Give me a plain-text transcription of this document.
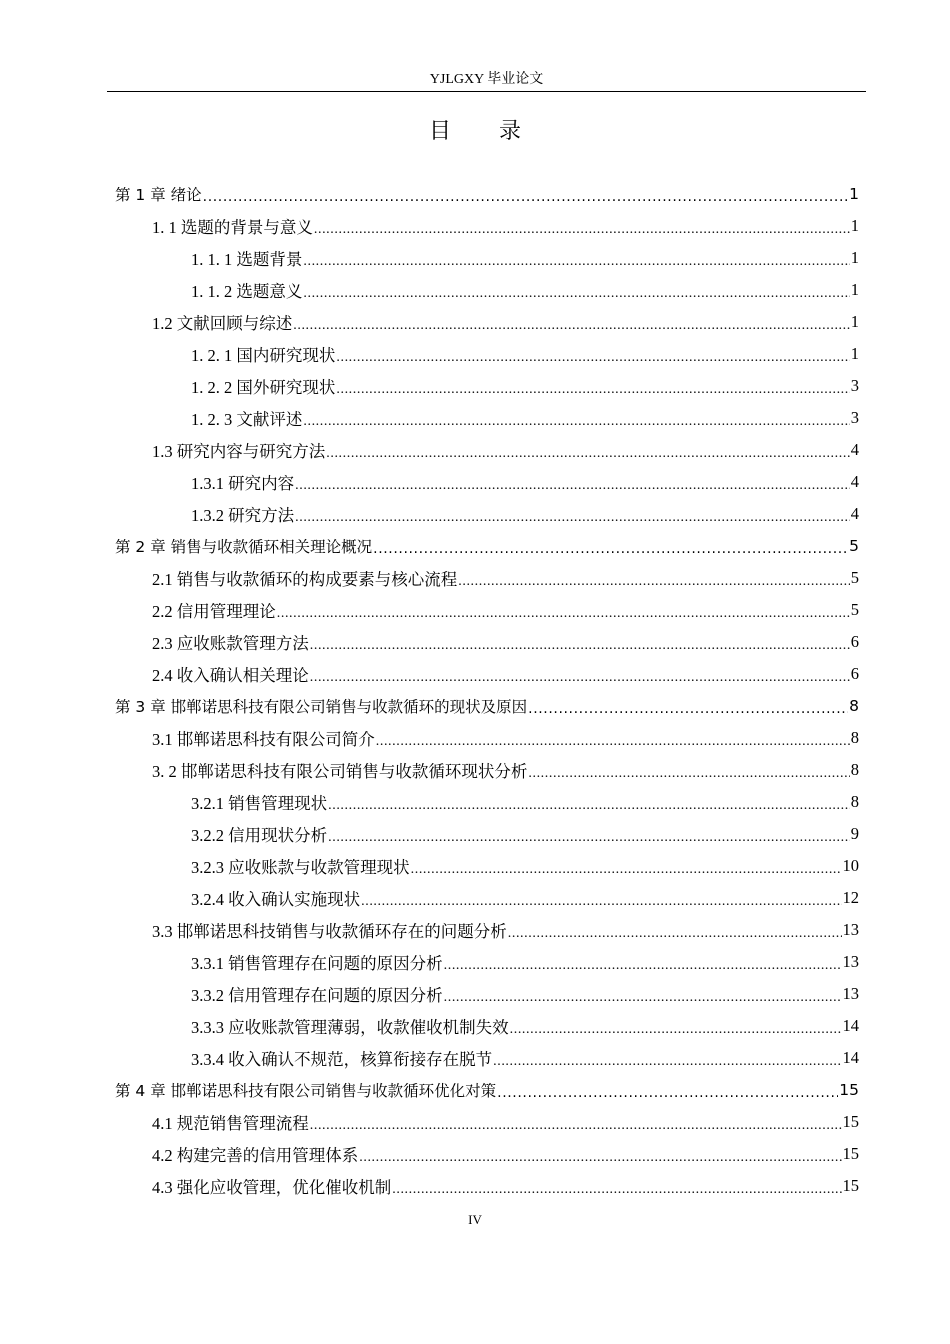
YJLGXY 毕业论文
目录
第 1 章 绪论 .....	1
1. 1 选题的背景与意义 .....	1
1. 1. 1 选题背景 .....	1
1. 1. 2 选题意义 .....	1
1.2 文献回顾与综述 .....	1
1. 2. 1 国内研究现状 .....	1
1. 2. 2 国外研究现状 .....	3
1. 2. 3 文献评述 .....	3
1.3 研究内容与研究方法 .....	4
1.3.1 研究内容 .....	4
1.3.2 研究方法 .....	4
第 2 章 销售与收款循环相关理论概况 .....	5
2.1 销售与收款循环的构成要素与核心流程 .....	5
2.2 信用管理理论 .....	5
2.3 应收账款管理方法 .....	6
2.4 收入确认相关理论 .....	6
第 3 章 邯郸诺思科技有限公司销售与收款循环的现状及原因 .....	8
3.1 邯郸诺思科技有限公司简介 .....	8
3. 2 邯郸诺思科技有限公司销售与收款循环现状分析 .....	8
3.2.1 销售管理现状 .....	8
3.2.2 信用现状分析 .....	9
3.2.3 应收账款与收款管理现状 .....	10
3.2.4 收入确认实施现状 .....	12
3.3 邯郸诺思科技销售与收款循环存在的问题分析 .....	13
3.3.1 销售管理存在问题的原因分析 .....	13
3.3.2 信用管理存在问题的原因分析 .....	13
3.3.3 应收账款管理薄弱，收款催收机制失效 .....	14
3.3.4 收入确认不规范，核算衔接存在脱节 .....	14
第 4 章 邯郸诺思科技有限公司销售与收款循环优化对策 .....	15
4.1 规范销售管理流程 .....	15
4.2 构建完善的信用管理体系 .....	15
4.3 强化应收管理，优化催收机制 .....	15
IV
